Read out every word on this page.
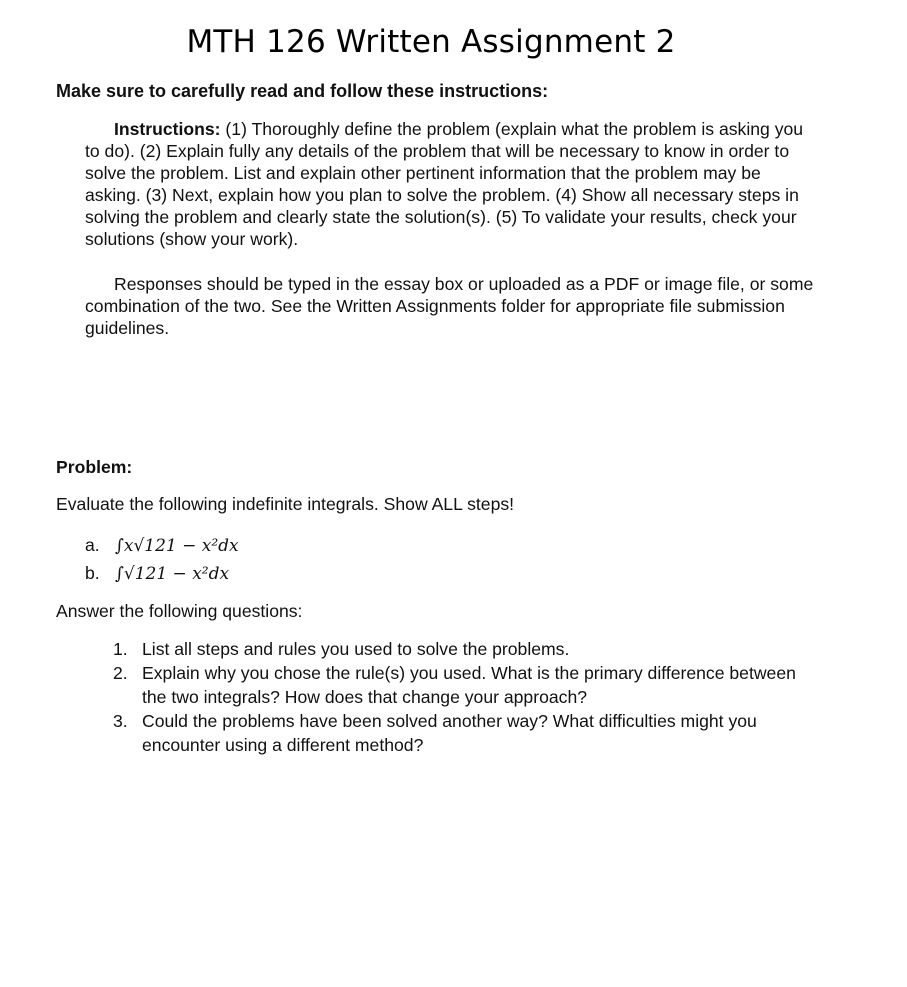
MTH 126 Written Assignment 2
Make sure to carefully read and follow these instructions:

Instructions: (1) Thoroughly define the problem (explain what the problem is asking you to do). (2) Explain fully any details of the problem that will be necessary to know in order to solve the problem. List and explain other pertinent information that the problem may be asking. (3) Next, explain how you plan to solve the problem. (4) Show all necessary steps in solving the problem and clearly state the solution(s). (5) To validate your results, check your solutions (show your work).

Responses should be typed in the essay box or uploaded as a PDF or image file, or some combination of the two. See the Written Assignments folder for appropriate file submission guidelines.

Problem:
Evaluate the following indefinite integrals. Show ALL steps!
a. ∫x√121 − x²dx
b. ∫√121 − x²dx
Answer the following questions:
1. List all steps and rules you used to solve the problems.
2. Explain why you chose the rule(s) you used. What is the primary difference between the two integrals? How does that change your approach?
3. Could the problems have been solved another way? What difficulties might you encounter using a different method?
